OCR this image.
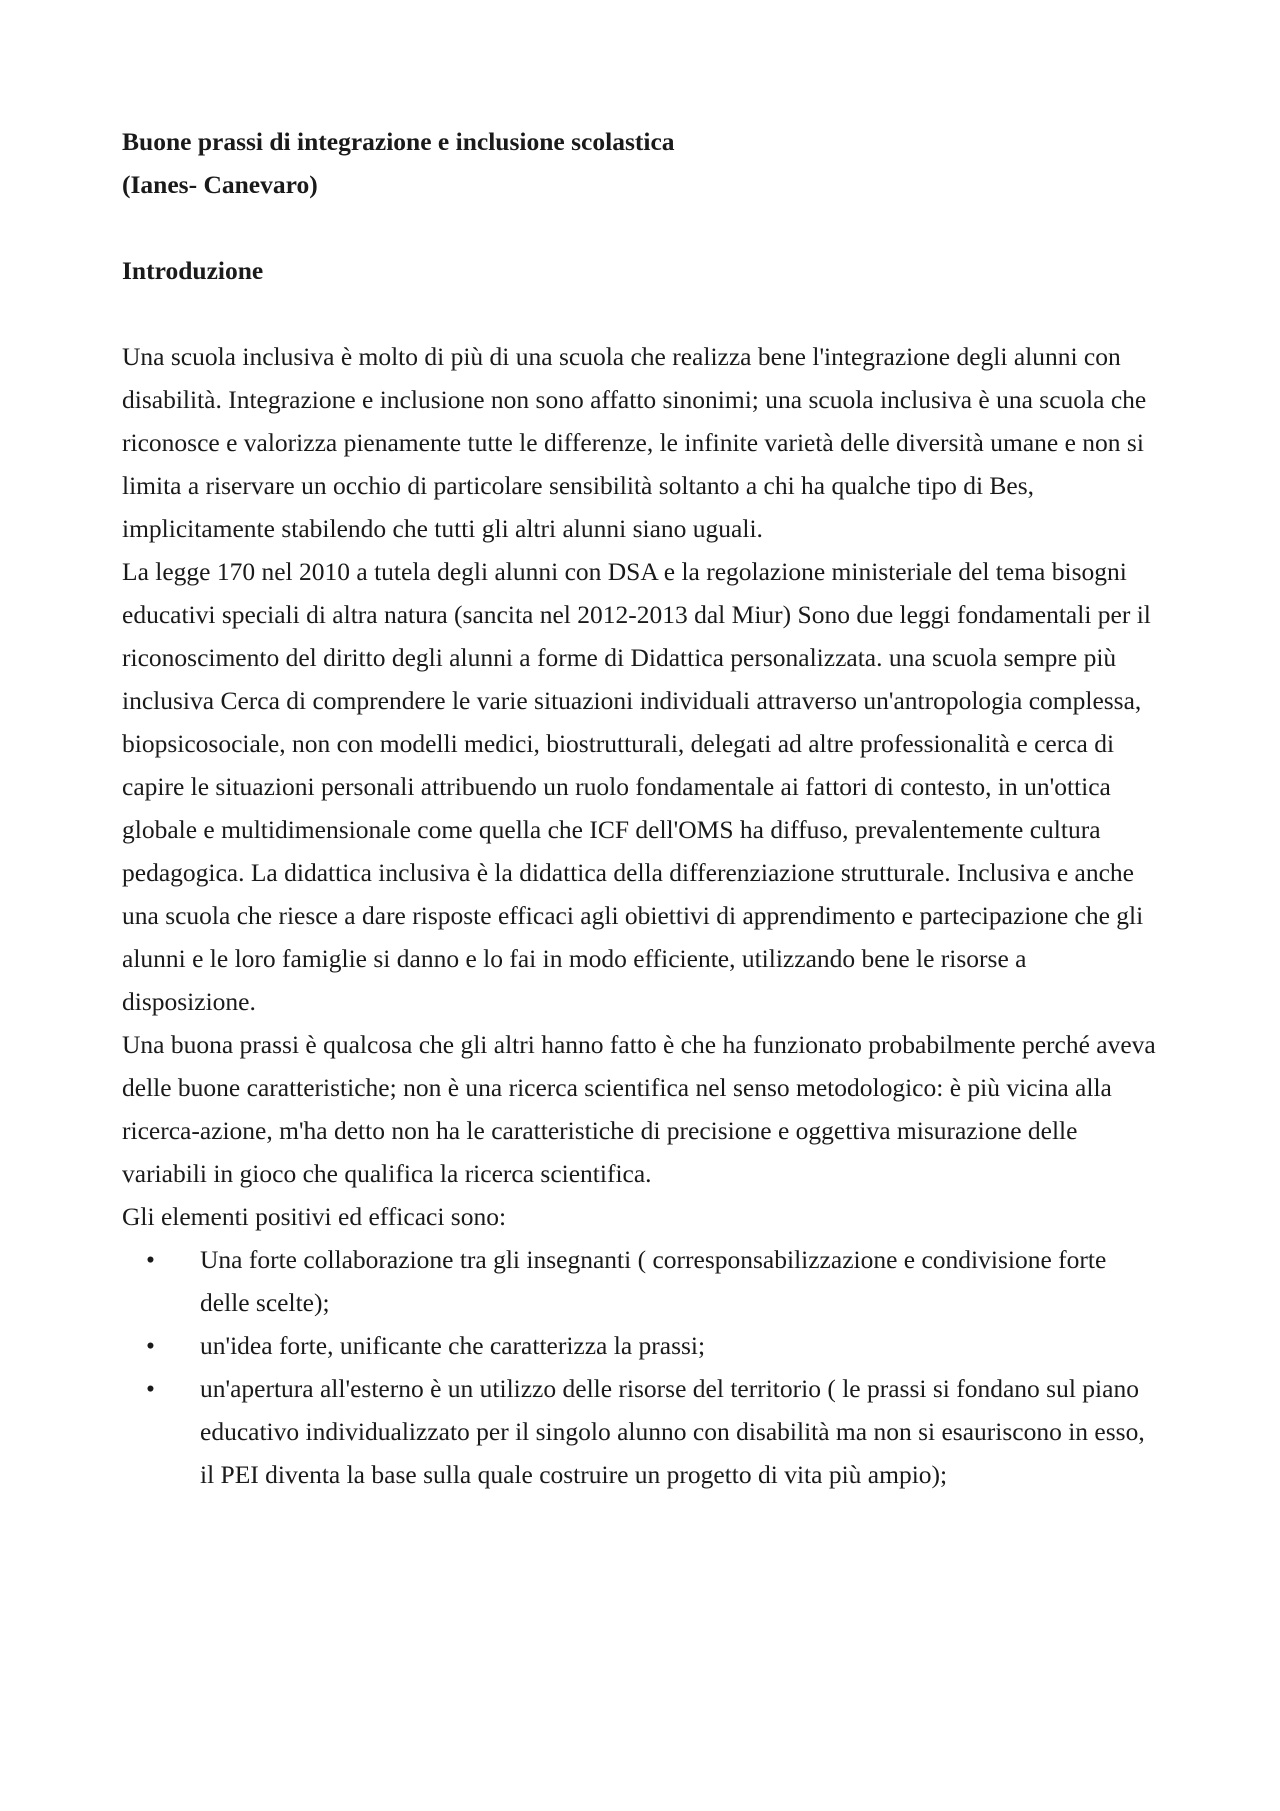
Buone prassi di integrazione e inclusione scolastica

(Ianes- Canevaro)

Introduzione

Una scuola inclusiva è molto di più di una scuola che realizza bene l'integrazione degli alunni con disabilità. Integrazione e inclusione non sono affatto sinonimi; una scuola inclusiva è una scuola che riconosce e valorizza pienamente tutte le differenze, le infinite varietà delle diversità umane e non si limita a riservare un occhio di particolare sensibilità soltanto a chi ha qualche tipo di Bes, implicitamente stabilendo che tutti gli altri alunni siano uguali.

La legge 170 nel 2010 a tutela degli alunni con DSA e la regolazione ministeriale del tema bisogni educativi speciali di altra natura (sancita nel 2012-2013 dal Miur) Sono due leggi fondamentali per il riconoscimento del diritto degli alunni a forme di Didattica personalizzata. una scuola sempre più inclusiva Cerca di comprendere le varie situazioni individuali attraverso un'antropologia complessa, biopsicosociale, non con modelli medici, biostrutturali, delegati ad altre professionalità e cerca di capire le situazioni personali attribuendo un ruolo fondamentale ai fattori di contesto, in un'ottica globale e multidimensionale come quella che ICF dell'OMS ha diffuso, prevalentemente cultura pedagogica. La didattica inclusiva è la didattica della differenziazione strutturale. Inclusiva e anche una scuola che riesce a dare risposte efficaci agli obiettivi di apprendimento e partecipazione che gli alunni e le loro famiglie si danno e lo fai in modo efficiente, utilizzando bene le risorse a disposizione.

Una buona prassi è qualcosa che gli altri hanno fatto è che ha funzionato probabilmente perché aveva delle buone caratteristiche; non è una ricerca scientifica nel senso metodologico: è più vicina alla ricerca-azione, m'ha detto non ha le caratteristiche di precisione e oggettiva misurazione delle variabili in gioco che qualifica la ricerca scientifica.

Gli elementi positivi ed efficaci sono:

• Una forte collaborazione tra gli insegnanti ( corresponsabilizzazione e condivisione forte delle scelte);
• un'idea forte, unificante che caratterizza la prassi;
• un'apertura all'esterno è un utilizzo delle risorse del territorio ( le prassi si fondano sul piano educativo individualizzato per il singolo alunno con disabilità ma non si esauriscono in esso, il PEI diventa la base sulla quale costruire un progetto di vita più ampio);
